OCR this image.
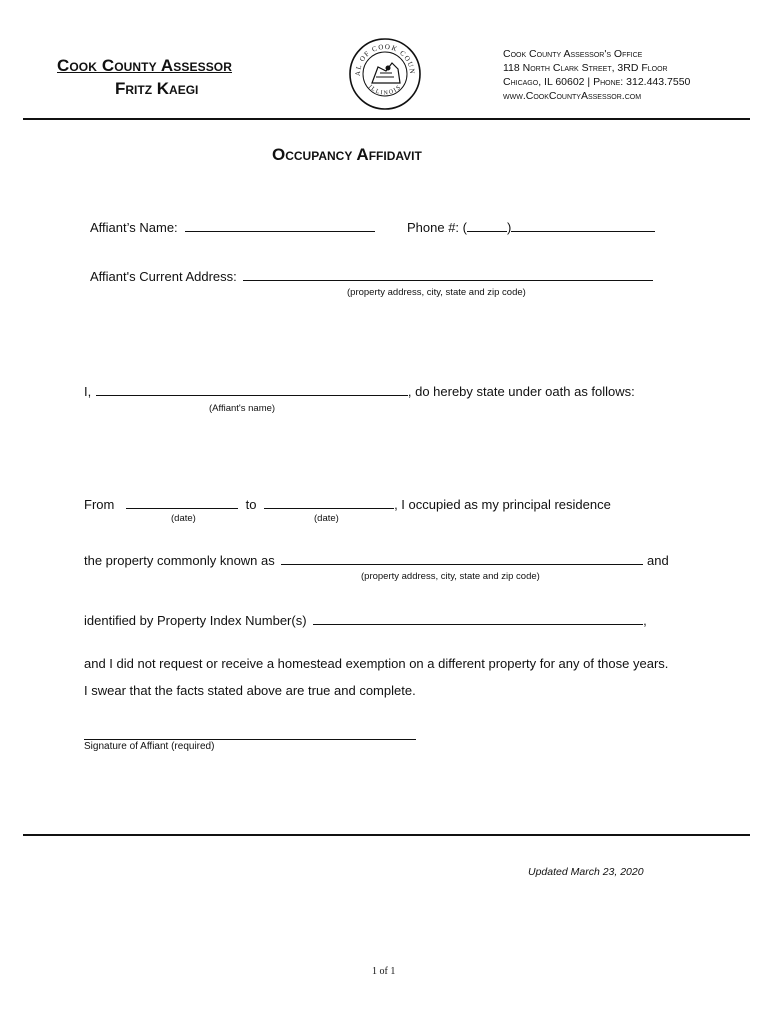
Cook County Assessor
Fritz Kaegi
AL OF COOK COUN
ILLINOIS
Cook County Assessor's Office
118 North Clark Street, 3RD Floor
Chicago, IL 60602 | Phone: 312.443.7550
www.CookCountyAssessor.com
Occupancy Affidavit
Affiant’s Name:	Phone #: (	)
Affiant's Current Address:
(property address, city, state and zip code)
I,	, do hereby state under oath as follows:
(Affiant's name)
From	to	, I occupied as my principal residence
(date)	(date)
the property commonly known as	and
(property address, city, state and zip code)
identified by Property Index Number(s)	,
and I did not request or receive a homestead exemption on a different property for any of those years.
I swear that the facts stated above are true and complete.
Signature of Affiant (required)
Updated March 23, 2020
1 of 1
